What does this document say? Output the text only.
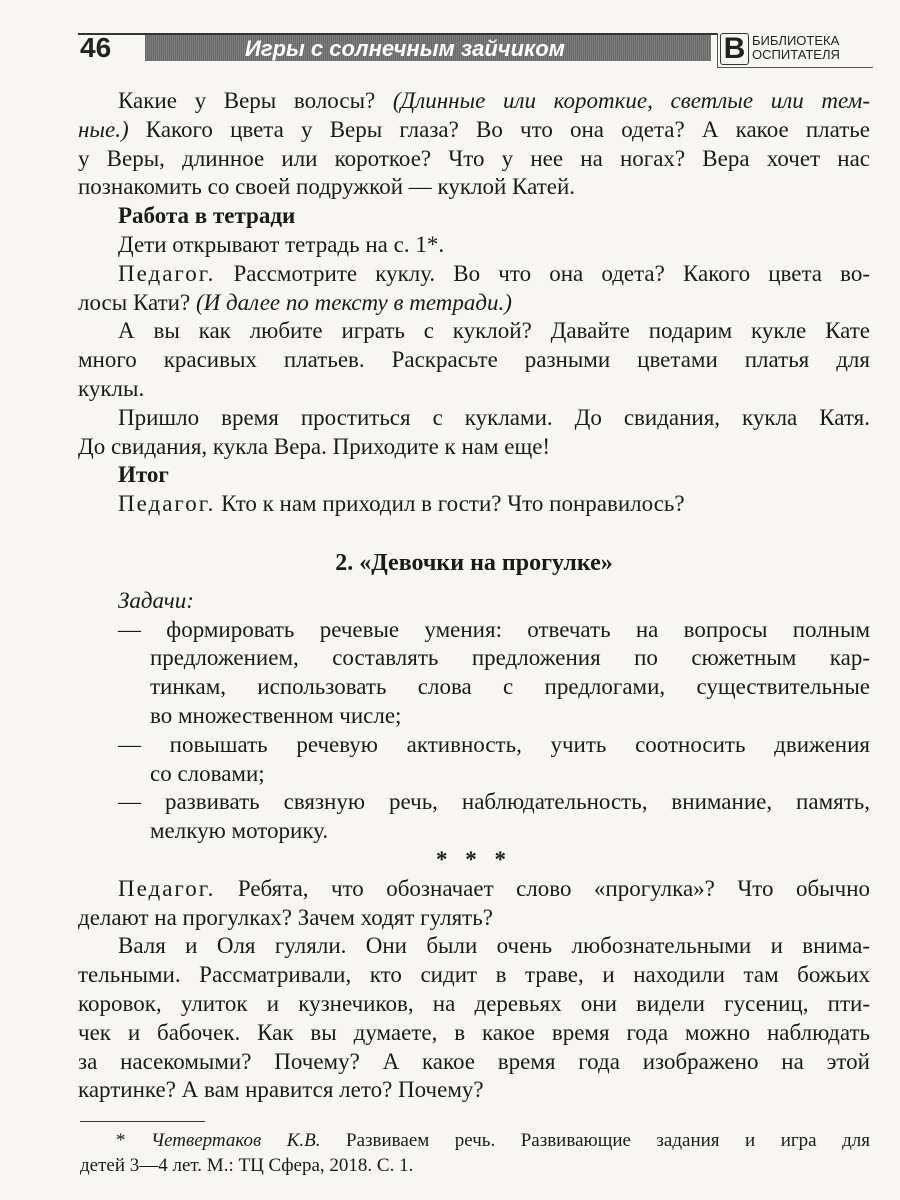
46	Игры с солнечным зайчиком	В БИБЛИОТЕКА
ОСПИТАТЕЛЯ
Какие у Веры волосы? (Длинные или короткие, светлые или тем-
ные.) Какого цвета у Веры глаза? Во что она одета? А какое платье
у Веры, длинное или короткое? Что у нее на ногах? Вера хочет нас
познакомить со своей подружкой — куклой Катей.
Работа в тетради
Дети открывают тетрадь на с. 1*.
Педагог. Рассмотрите куклу. Во что она одета? Какого цвета во-
лосы Кати? (И далее по тексту в тетради.)
А вы как любите играть с куклой? Давайте подарим кукле Кате
много красивых платьев. Раскрасьте разными цветами платья для
куклы.
Пришло время проститься с куклами. До свидания, кукла Катя.
До свидания, кукла Вера. Приходите к нам еще!
Итог
Педагог. Кто к нам приходил в гости? Что понравилось?
2. «Девочки на прогулке»
Задачи:
— формировать речевые умения: отвечать на вопросы полным
предложением, составлять предложения по сюжетным кар-
тинкам, использовать слова с предлогами, существительные
во множественном числе;
— повышать речевую активность, учить соотносить движения
со словами;
— развивать связную речь, наблюдательность, внимание, память,
мелкую моторику.
* * *
Педагог. Ребята, что обозначает слово «прогулка»? Что обычно
делают на прогулках? Зачем ходят гулять?
Валя и Оля гуляли. Они были очень любознательными и внима-
тельными. Рассматривали, кто сидит в траве, и находили там божьих
коровок, улиток и кузнечиков, на деревьях они видели гусениц, пти-
чек и бабочек. Как вы думаете, в какое время года можно наблюдать
за насекомыми? Почему? А какое время года изображено на этой
картинке? А вам нравится лето? Почему?
* Четвертаков К.В. Развиваем речь. Развивающие задания и игра для
детей 3—4 лет. М.: ТЦ Сфера, 2018. С. 1.
